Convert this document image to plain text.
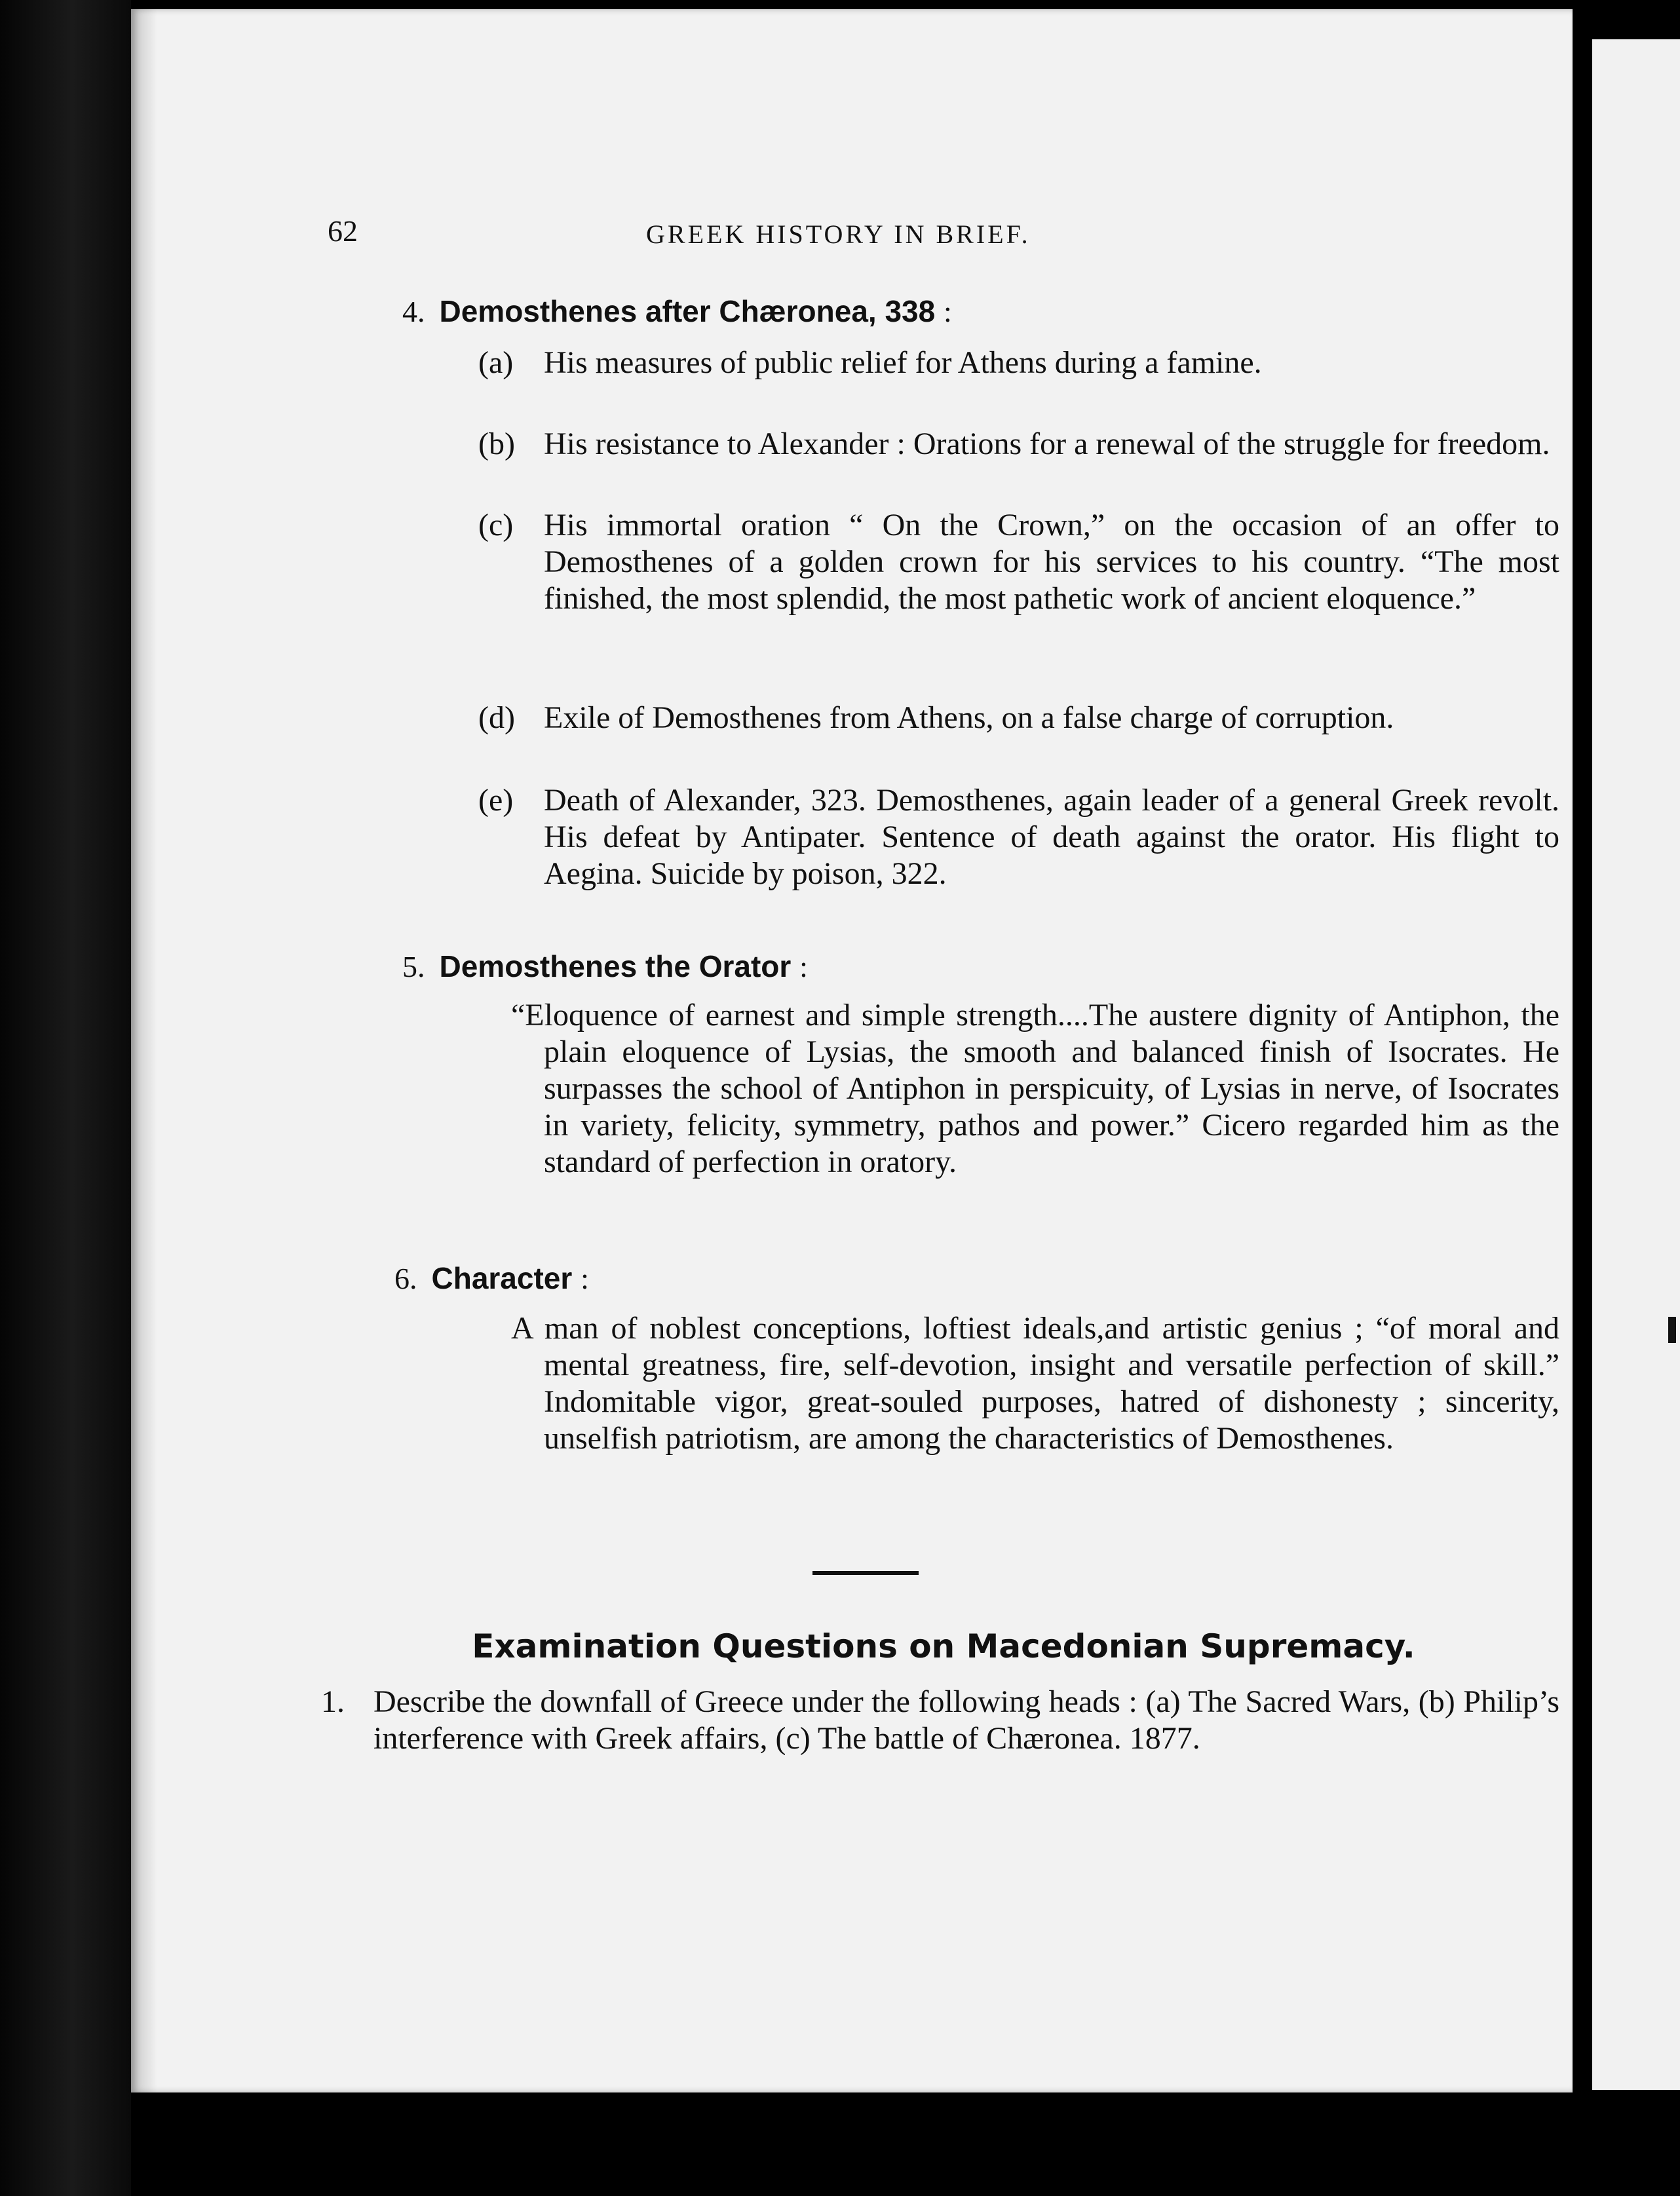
62	GREEK HISTORY IN BRIEF.
4. Demosthenes after Chæronea, 338 :
(a) His measures of public relief for Athens during a famine.
(b) His resistance to Alexander : Orations for a renewal of the struggle for freedom.
(c) His immortal oration “ On the Crown,” on the occasion of an offer to Demosthenes of a golden crown for his services to his country. “The most finished, the most splendid, the most pathetic work of ancient eloquence.”
(d) Exile of Demosthenes from Athens, on a false charge of corruption.
(e) Death of Alexander, 323. Demosthenes, again leader of a general Greek revolt. His defeat by Antipater. Sentence of death against the orator. His flight to Aegina. Suicide by poison, 322.
5. Demosthenes the Orator :
“Eloquence of earnest and simple strength....The austere dignity of Antiphon, the plain eloquence of Lysias, the smooth and balanced finish of Isocrates. He surpasses the school of Antiphon in perspicuity, of Lysias in nerve, of Isocrates in variety, felicity, symmetry, pathos and power.” Cicero regarded him as the standard of perfection in oratory.
6. Character :
A man of noblest conceptions, loftiest ideals,and artistic genius ; “of moral and mental greatness, fire, self-devotion, insight and versatile perfection of skill.” Indomitable vigor, great-souled purposes, hatred of dishonesty ; sincerity, unselfish patriotism, are among the characteristics of Demosthenes.
Examination Questions on Macedonian Supremacy.
1. Describe the downfall of Greece under the following heads : (a) The Sacred Wars, (b) Philip’s interference with Greek affairs, (c) The battle of Chæronea. 1877.
